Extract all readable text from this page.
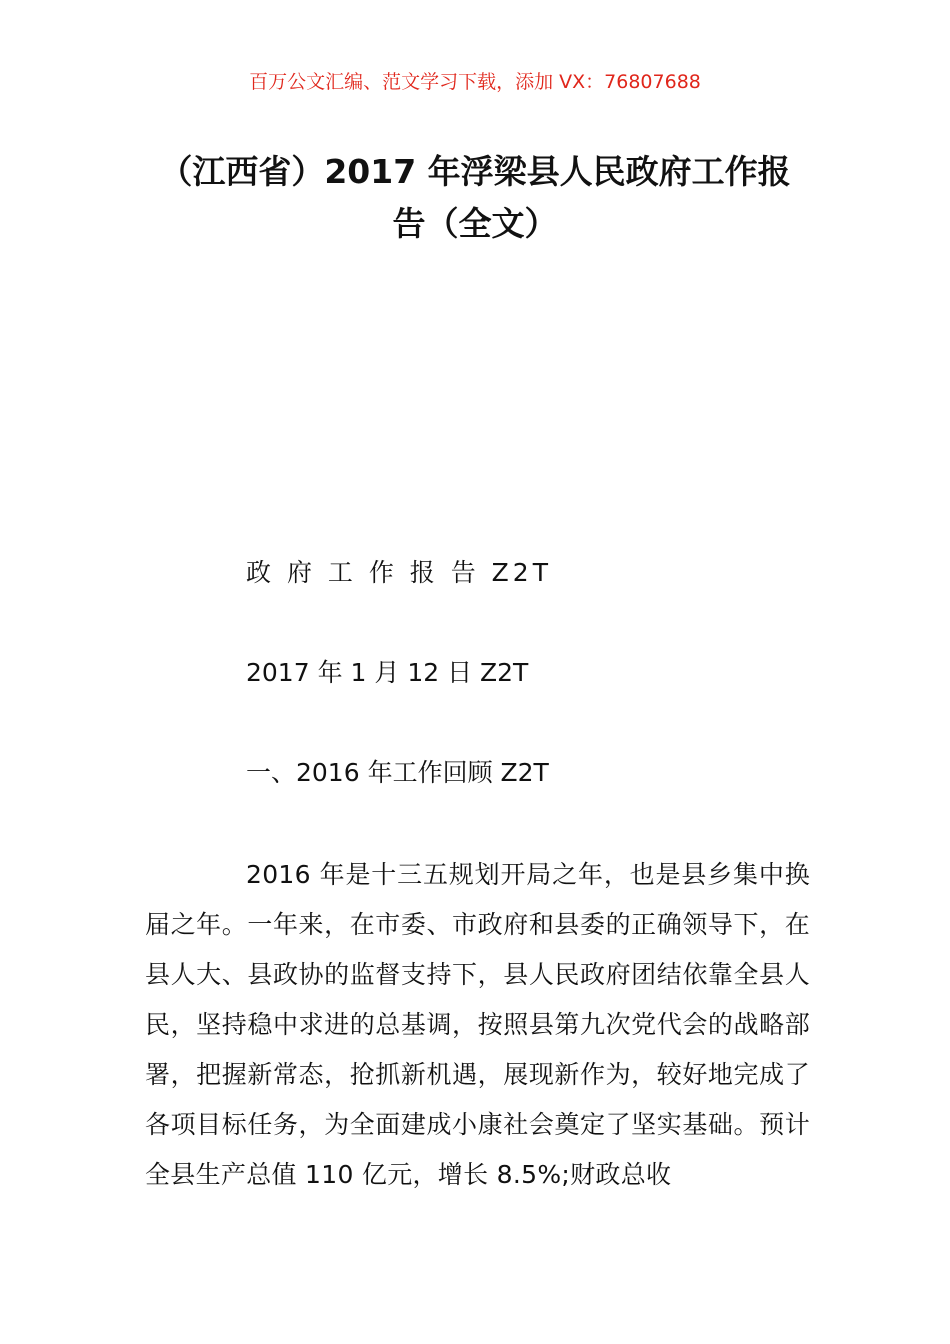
百万公文汇编、范文学习下载，添加 VX：76807688
（江西省）2017 年浮梁县人民政府工作报告（全文）
政 府 工 作 报 告 Z2T
2017 年 1 月 12 日 Z2T
一、2016 年工作回顾 Z2T

2016 年是十三五规划开局之年，也是县乡集中换届之年。一年来，在市委、市政府和县委的正确领导下，在县人大、县政协的监督支持下，县人民政府团结依靠全县人民，坚持稳中求进的总基调，按照县第九次党代会的战略部署，把握新常态，抢抓新机遇，展现新作为，较好地完成了各项目标任务，为全面建成小康社会奠定了坚实基础。预计全县生产总值 110 亿元，增长 8.5%;财政总收
